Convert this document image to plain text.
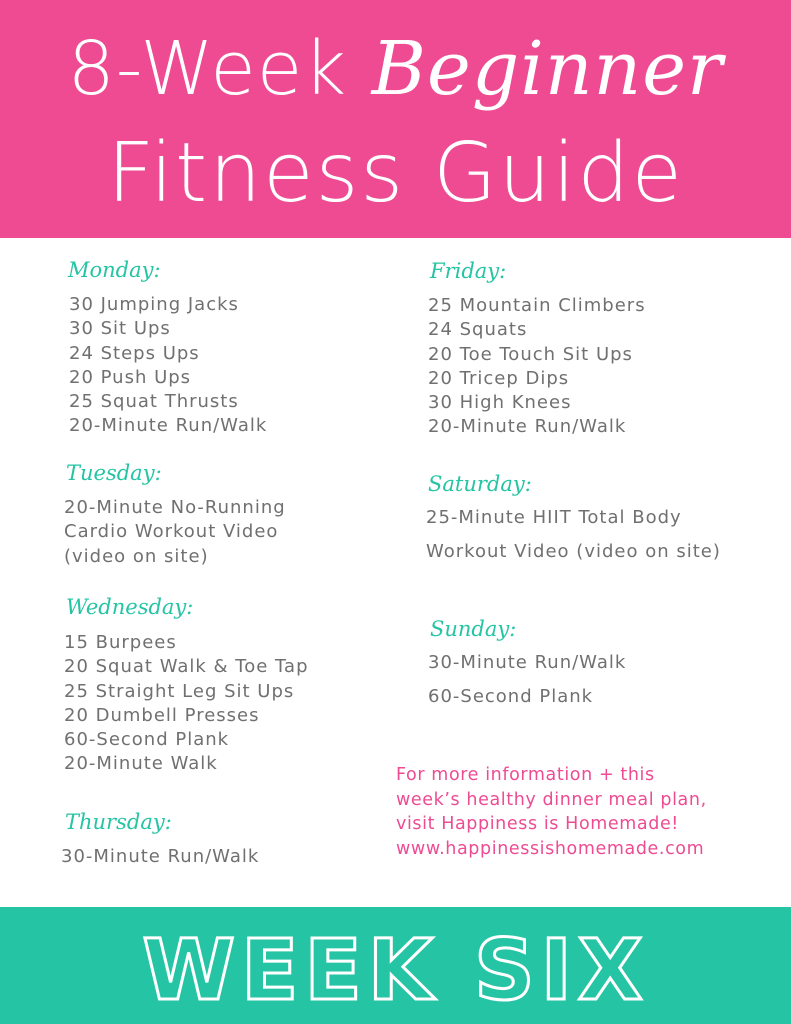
8-Week Beginner
Fitness Guide
Monday:
30 Jumping Jacks
30 Sit Ups
24 Steps Ups
20 Push Ups
25 Squat Thrusts
20-Minute Run/Walk
Tuesday:
20-Minute No-Running
Cardio Workout Video
(video on site)
Wednesday:
15 Burpees
20 Squat Walk & Toe Tap
25 Straight Leg Sit Ups
20 Dumbell Presses
60-Second Plank
20-Minute Walk
Thursday:
30-Minute Run/Walk
Friday:
25 Mountain Climbers
24 Squats
20 Toe Touch Sit Ups
20 Tricep Dips
30 High Knees
20-Minute Run/Walk
Saturday:
25-Minute HIIT Total Body
Workout Video (video on site)
Sunday:
30-Minute Run/Walk
60-Second Plank
For more information + this
week’s healthy dinner meal plan,
visit Happiness is Homemade!
www.happinessishomemade.com
WEEK SIX
